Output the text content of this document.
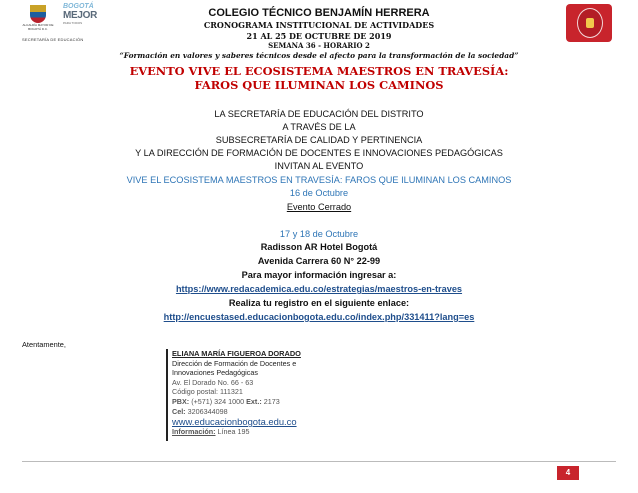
ALCALDÍA MAYOR DE BOGOTÁ D.C.
BOGOTÁ
MEJOR
PARA TODOS
SECRETARÍA DE EDUCACIÓN
COLEGIO TÉCNICO BENJAMÍN HERRERA
CRONOGRAMA INSTITUCIONAL DE ACTIVIDADES
21 AL 25 DE OCTUBRE DE 2019
SEMANA 36 - HORARIO 2
“Formación en valores y saberes técnicos desde el afecto para la transformación de la sociedad”
EVENTO VIVE EL ECOSISTEMA MAESTROS EN TRAVESÍA:
FAROS QUE ILUMINAN LOS CAMINOS
LA SECRETARÍA DE EDUCACIÓN DEL DISTRITO
A TRAVÉS DE LA
SUBSECRETARÍA DE CALIDAD Y PERTINENCIA
Y LA DIRECCIÓN DE FORMACIÓN DE DOCENTES E INNOVACIONES PEDAGÓGICAS
INVITAN AL EVENTO
VIVE EL ECOSISTEMA MAESTROS EN TRAVESÍA: FAROS QUE ILUMINAN LOS CAMINOS
16 de Octubre
Evento Cerrado
17 y 18 de Octubre
Radisson AR Hotel Bogotá
Avenida Carrera 60 N° 22-99
Para mayor información ingresar a:
https://www.redacademica.edu.co/estrategias/maestros-en-traves
Realiza tu registro en el siguiente enlace:
http://encuestased.educacionbogota.edu.co/index.php/331411?lang=es
Atentamente,
ELIANA MARÍA FIGUEROA DORADO
Dirección de Formación de Docentes e
Innovaciones Pedagógicas
Av. El Dorado No. 66 - 63
Código postal: 111321
PBX: (+571) 324 1000 Ext.: 2173
Cel: 3206344098
www.educacionbogota.edu.co
Información: Línea 195
4
